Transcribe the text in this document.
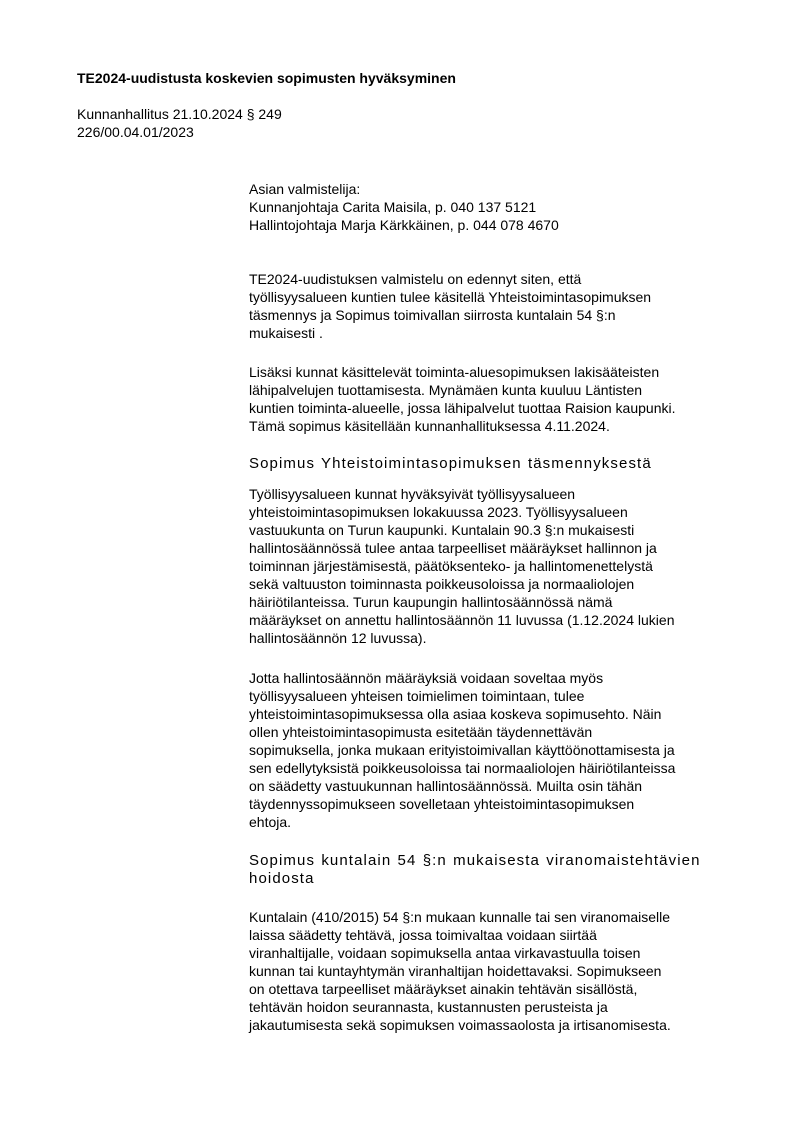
TE2024-uudistusta koskevien sopimusten hyväksyminen
Kunnanhallitus 21.10.2024 § 249
226/00.04.01/2023
Asian valmistelija:
Kunnanjohtaja Carita Maisila, p. 040 137 5121
Hallintojohtaja Marja Kärkkäinen, p. 044 078 4670
TE2024-uudistuksen valmistelu on edennyt siten, että
työllisyysalueen kuntien tulee käsitellä Yhteistoimintasopimuksen
täsmennys ja Sopimus toimivallan siirrosta kuntalain 54 §:n
mukaisesti .
Lisäksi kunnat käsittelevät toiminta-aluesopimuksen lakisääteisten
lähipalvelujen tuottamisesta. Mynämäen kunta kuuluu Läntisten
kuntien toiminta-alueelle, jossa lähipalvelut tuottaa Raision kaupunki.
Tämä sopimus käsitellään kunnanhallituksessa 4.11.2024.
Sopimus Yhteistoimintasopimuksen täsmennyksestä
Työllisyysalueen kunnat hyväksyivät työllisyysalueen
yhteistoimintasopimuksen lokakuussa 2023. Työllisyysalueen
vastuukunta on Turun kaupunki. Kuntalain 90.3 §:n mukaisesti
hallintosäännössä tulee antaa tarpeelliset määräykset hallinnon ja
toiminnan järjestämisestä, päätöksenteko- ja hallintomenettelystä
sekä valtuuston toiminnasta poikkeusoloissa ja normaaliolojen
häiriötilanteissa. Turun kaupungin hallintosäännössä nämä
määräykset on annettu hallintosäännön 11 luvussa (1.12.2024 lukien
hallintosäännön 12 luvussa).
Jotta hallintosäännön määräyksiä voidaan soveltaa myös
työllisyysalueen yhteisen toimielimen toimintaan, tulee
yhteistoimintasopimuksessa olla asiaa koskeva sopimusehto. Näin
ollen yhteistoimintasopimusta esitetään täydennettävän
sopimuksella, jonka mukaan erityistoimivallan käyttöönottamisesta ja
sen edellytyksistä poikkeusoloissa tai normaaliolojen häiriötilanteissa
on säädetty vastuukunnan hallintosäännössä. Muilta osin tähän
täydennyssopimukseen sovelletaan yhteistoimintasopimuksen
ehtoja.
Sopimus kuntalain 54 §:n mukaisesta viranomaistehtävien
hoidosta
Kuntalain (410/2015) 54 §:n mukaan kunnalle tai sen viranomaiselle
laissa säädetty tehtävä, jossa toimivaltaa voidaan siirtää
viranhaltijalle, voidaan sopimuksella antaa virkavastuulla toisen
kunnan tai kuntayhtymän viranhaltijan hoidettavaksi. Sopimukseen
on otettava tarpeelliset määräykset ainakin tehtävän sisällöstä,
tehtävän hoidon seurannasta, kustannusten perusteista ja
jakautumisesta sekä sopimuksen voimassaolosta ja irtisanomisesta.
